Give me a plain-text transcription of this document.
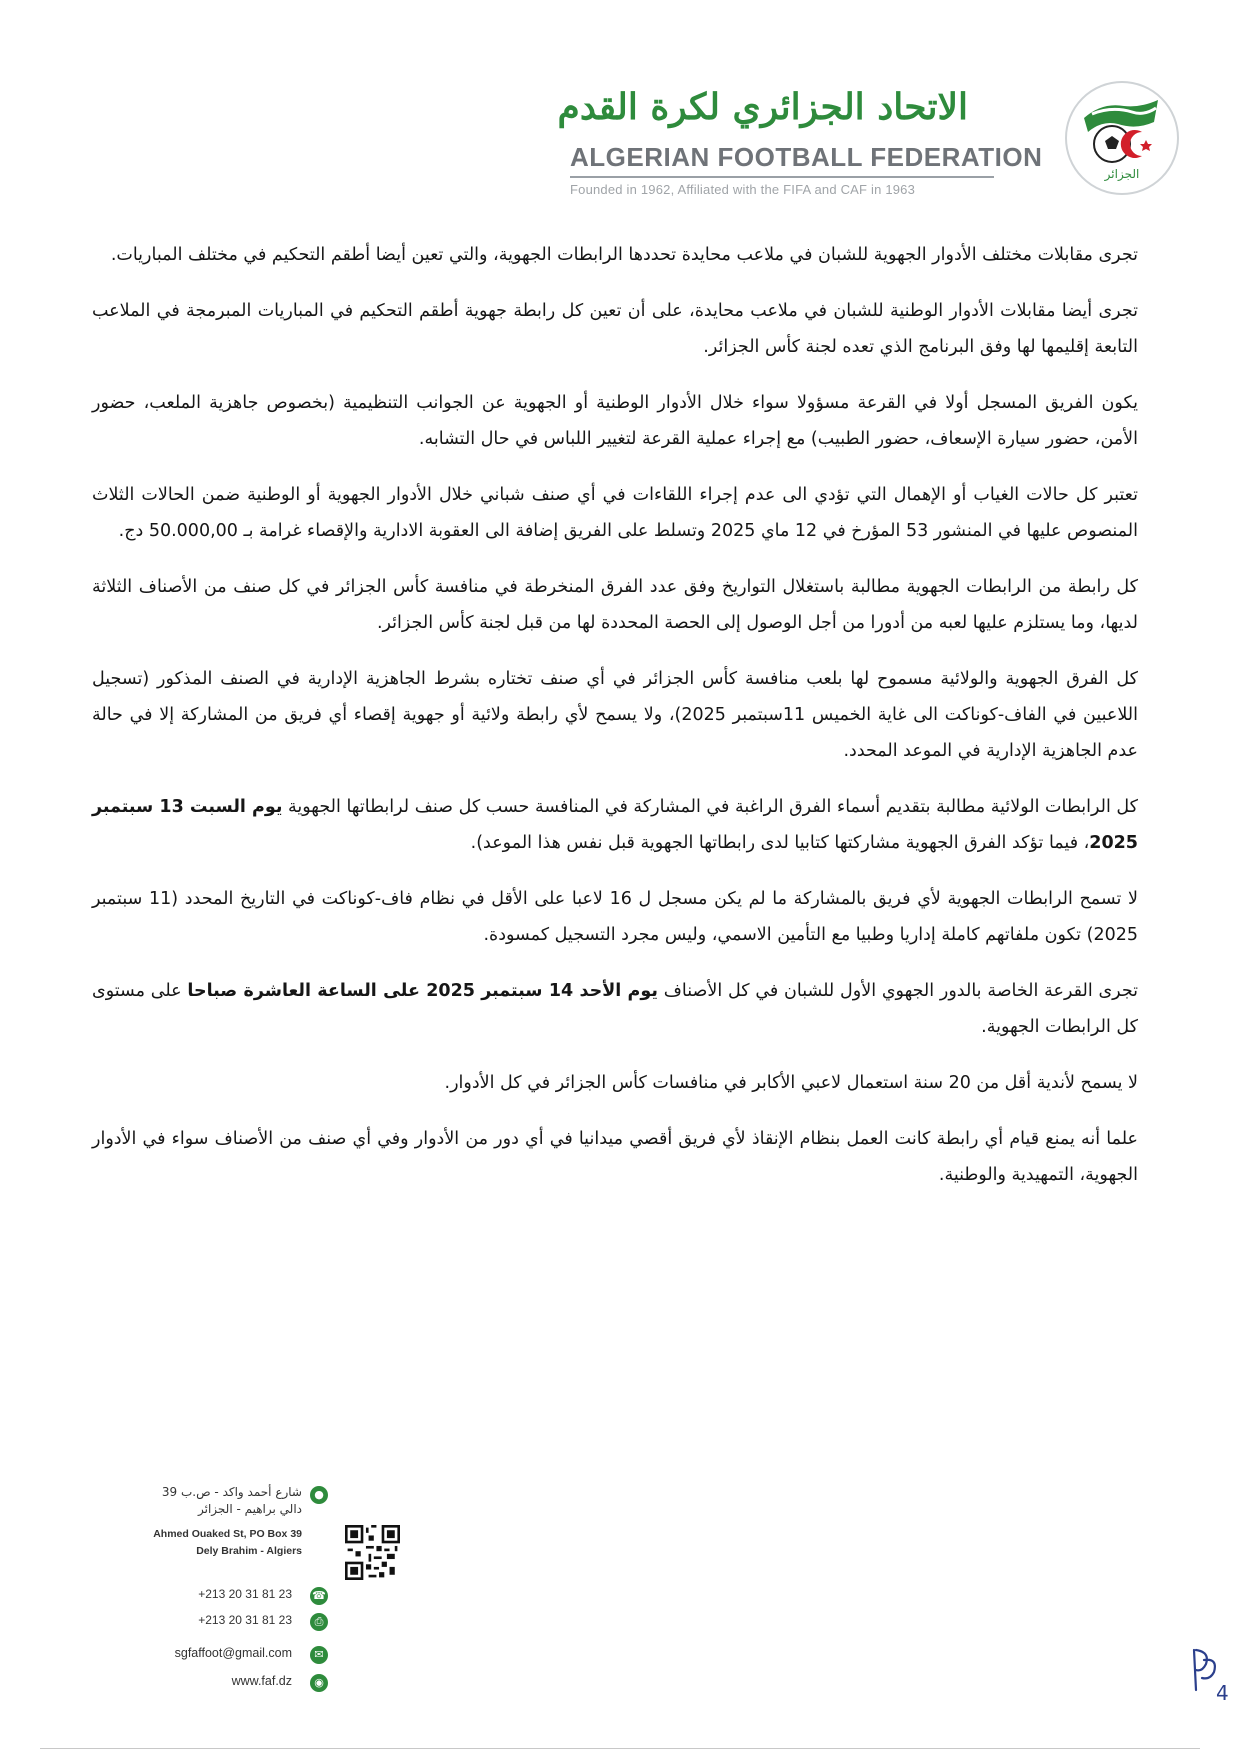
الاتحاد الجزائري لكرة القدم
ALGERIAN FOOTBALL FEDERATION
Founded in 1962, Affiliated with the FIFA and CAF in 1963
الجزائر

تجرى مقابلات مختلف الأدوار الجهوية للشبان في ملاعب محايدة تحددها الرابطات الجهوية، والتي تعين أيضا أطقم التحكيم في مختلف المباريات.

تجرى أيضا مقابلات الأدوار الوطنية للشبان في ملاعب محايدة، على أن تعين كل رابطة جهوية أطقم التحكيم في المباريات المبرمجة في الملاعب التابعة إقليمها لها وفق البرنامج الذي تعده لجنة كأس الجزائر.

يكون الفريق المسجل أولا في القرعة مسؤولا سواء خلال الأدوار الوطنية أو الجهوية عن الجوانب التنظيمية (بخصوص جاهزية الملعب، حضور الأمن، حضور سيارة الإسعاف، حضور الطبيب) مع إجراء عملية القرعة لتغيير اللباس في حال التشابه.

تعتبر كل حالات الغياب أو الإهمال التي تؤدي الى عدم إجراء اللقاءات في أي صنف شباني خلال الأدوار الجهوية أو الوطنية ضمن الحالات الثلاث المنصوص عليها في المنشور 53 المؤرخ في 12 ماي 2025 وتسلط على الفريق إضافة الى العقوبة الادارية والإقصاء غرامة بـ 50.000,00 دج.

كل رابطة من الرابطات الجهوية مطالبة باستغلال التواريخ وفق عدد الفرق المنخرطة في منافسة كأس الجزائر في كل صنف من الأصناف الثلاثة لديها، وما يستلزم عليها لعبه من أدورا من أجل الوصول إلى الحصة المحددة لها من قبل لجنة كأس الجزائر.

كل الفرق الجهوية والولائية مسموح لها بلعب منافسة كأس الجزائر في أي صنف تختاره بشرط الجاهزية الإدارية في الصنف المذكور (تسجيل اللاعبين في الفاف-كوناكت الى غاية الخميس 11سبتمبر 2025)، ولا يسمح لأي رابطة ولائية أو جهوية إقصاء أي فريق من المشاركة إلا في حالة عدم الجاهزية الإدارية في الموعد المحدد.

كل الرابطات الولائية مطالبة بتقديم أسماء الفرق الراغبة في المشاركة في المنافسة حسب كل صنف لرابطاتها الجهوية يوم السبت 13 سبتمبر 2025، فيما تؤكد الفرق الجهوية مشاركتها كتابيا لدى رابطاتها الجهوية قبل نفس هذا الموعد).

لا تسمح الرابطات الجهوية لأي فريق بالمشاركة ما لم يكن مسجل ل 16 لاعبا على الأقل في نظام فاف-كوناكت في التاريخ المحدد (11 سبتمبر 2025) تكون ملفاتهم كاملة إداريا وطبيا مع التأمين الاسمي، وليس مجرد التسجيل كمسودة.

تجرى القرعة الخاصة بالدور الجهوي الأول للشبان في كل الأصناف يوم الأحد 14 سبتمبر 2025 على الساعة العاشرة صباحا على مستوى كل الرابطات الجهوية.

لا يسمح لأندية أقل من 20 سنة استعمال لاعبي الأكابر في منافسات كأس الجزائر في كل الأدوار.

علما أنه يمنع قيام أي رابطة كانت العمل بنظام الإنقاذ لأي فريق أقصي ميدانيا في أي دور من الأدوار وفي أي صنف من الأصناف سواء في الأدوار الجهوية، التمهيدية والوطنية.

●
شارع أحمد واكد - ص.ب 39
دالي براهيم - الجزائر
Ahmed Ouaked St, PO Box 39
Dely Brahim - Algiers
☎
+213 20 31 81 23
⎙
+213 20 31 81 23
✉
sgfaffoot@gmail.com
◉
www.faf.dz	4
